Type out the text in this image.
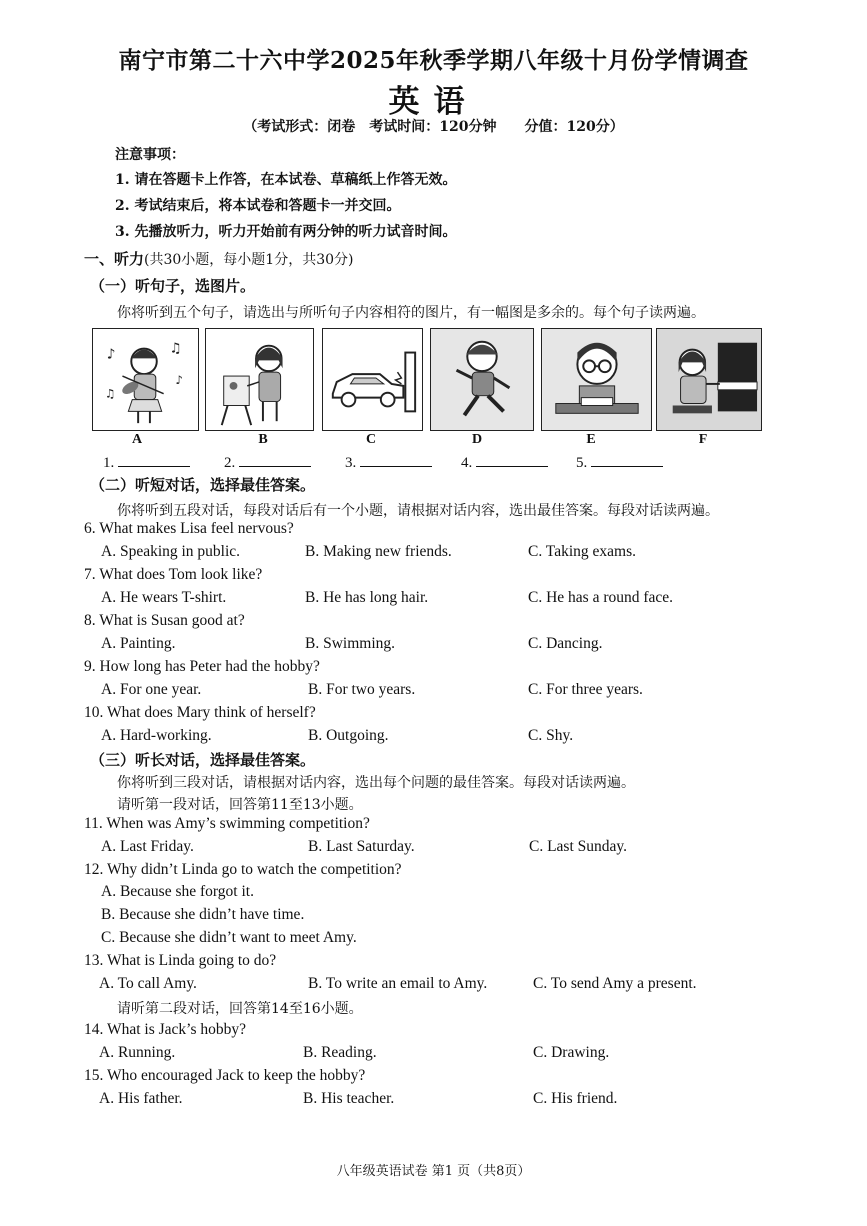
南宁市第二十六中学2025年秋季学期八年级十月份学情调查
英语
（考试形式：闭卷　考试时间：120分钟　　分值：120分）
注意事项：
1. 请在答题卡上作答，在本试卷、草稿纸上作答无效。
2. 考试结束后，将本试卷和答题卡一并交回。
3. 先播放听力，听力开始前有两分钟的听力试音时间。
一、听力(共30小题，每小题1分，共30分)
（一）听句子，选图片。
你将听到五个句子，请选出与所听句子内容相符的图片，有一幅图是多余的。每个句子读两遍。
♪	♫
♪
♫
A	B	C	D	E	F
1.	2.	3.	4.	5.
（二）听短对话，选择最佳答案。
你将听到五段对话，每段对话后有一个小题，请根据对话内容，选出最佳答案。每段对话读两遍。
6. What makes Lisa feel nervous?
A. Speaking in public.	B. Making new friends.	C. Taking exams.
7. What does Tom look like?
A. He wears T-shirt.	B. He has long hair.	C. He has a round face.
8. What is Susan good at?
A. Painting.	B. Swimming.	C. Dancing.
9. How long has Peter had the hobby?
A. For one year.	B. For two years.	C. For three years.
10. What does Mary think of herself?
A. Hard-working.	B. Outgoing.	C. Shy.
（三）听长对话，选择最佳答案。
你将听到三段对话，请根据对话内容，选出每个问题的最佳答案。每段对话读两遍。
请听第一段对话，回答第11至13小题。
11. When was Amy’s swimming competition?
A. Last Friday.	B. Last Saturday.	C. Last Sunday.
12. Why didn’t Linda go to watch the competition?
A. Because she forgot it.
B. Because she didn’t have time.
C. Because she didn’t want to meet Amy.
13. What is Linda going to do?
A. To call Amy.	B. To write an email to Amy.	C. To send Amy a present.
请听第二段对话，回答第14至16小题。
14. What is Jack’s hobby?
A. Running.	B. Reading.	C. Drawing.
15. Who encouraged Jack to keep the hobby?
A. His father.	B. His teacher.	C. His friend.
八年级英语试卷 第1 页（共8页）
